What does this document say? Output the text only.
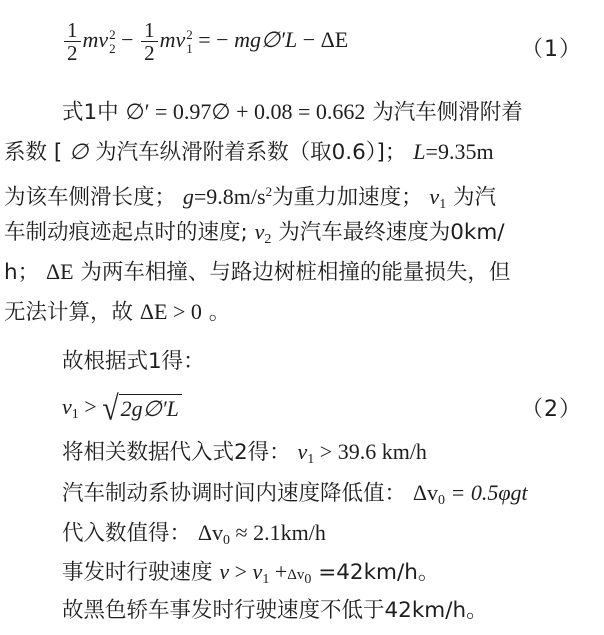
$\frac{1}{2}$ mv 2
$2 - \frac{1}{2}$ mv 2
1 = − mg∅′L − ΔE	（1）
式1中 ∅′ = 0.97∅ + 0.08 = 0.662 为汽车侧滑附着
系数 [ ∅ 为汽车纵滑附着系数（取0.6）]； L=9.35m
为该车侧滑长度； $g=9.8m/s^2$为重力加速度； $v_1$ 为汽
车制动痕迹起点时的速度; $v_2$ 为汽车最终速度为0km/
h； ΔE 为两车相撞、与路边树桩相撞的能量损失，但
无法计算，故 ΔE > 0 。
故根据式1得：
$v_1$ > √ 2g∅′L	（2）
将相关数据代入式2得： $v_1 > 39.6$ km/h
汽车制动系协调时间内速度降低值： $\Delta v_0 = 0.5\varphi gt$
代入数值得： $\Delta v_0 \approx 2.1km/h$
事发时行驶速度 $v > v_1 +\Delta v_0 =42km/h$。
故黑色轿车事发时行驶速度不低于42km/h。
